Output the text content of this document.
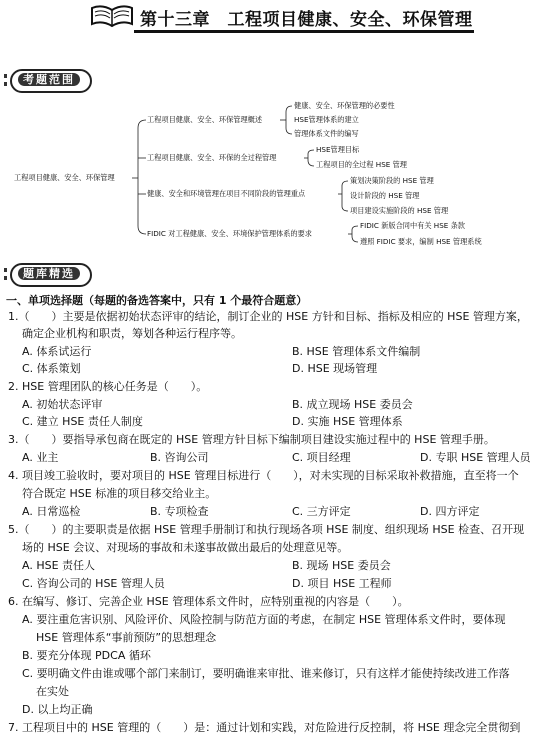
第十三章　工程项目健康、安全、环保管理
考题范围
工程项目健康、安全、环保管理
工程项目健康、安全、环保管理概述
健康、安全、环保管理的必要性
HSE管理体系的建立
管理体系文件的编写
工程项目健康、安全、环保的全过程管理
HSE管理目标
工程项目的全过程 HSE 管理
健康、安全和环境管理在项目不同阶段的管理重点
策划决策阶段的 HSE 管理
设计阶段的 HSE 管理
项目建设实施阶段的 HSE 管理
FIDIC 对工程健康、安全、环境保护管理体系的要求
FIDIC 新版合同中有关 HSE 条款
遵照 FIDIC 要求，编制 HSE 管理系统
题库精选
一、单项选择题（每题的备选答案中，只有 1 个最符合题意）
1.（　　）主要是依据初始状态评审的结论，制订企业的 HSE 方针和目标、指标及相应的 HSE 管理方案，
确定企业机构和职责，筹划各种运行程序等。
A. 体系试运行	B. HSE 管理体系文件编制
C. 体系策划	D. HSE 现场管理
2. HSE 管理团队的核心任务是（　　）。
A. 初始状态评审	B. 成立现场 HSE 委员会
C. 建立 HSE 责任人制度	D. 实施 HSE 管理体系
3.（　　）要指导承包商在既定的 HSE 管理方针目标下编制项目建设实施过程中的 HSE 管理手册。
A. 业主	B. 咨询公司	C. 项目经理	D. 专职 HSE 管理人员
4. 项目竣工验收时，要对项目的 HSE 管理目标进行（　　），对未实现的目标采取补救措施，直至将一个
符合既定 HSE 标准的项目移交给业主。
A. 日常巡检	B. 专项检查	C. 三方评定	D. 四方评定
5.（　　）的主要职责是依据 HSE 管理手册制订和执行现场各项 HSE 制度、组织现场 HSE 检查、召开现
场的 HSE 会议、对现场的事故和未遂事故做出最后的处理意见等。
A. HSE 责任人	B. 现场 HSE 委员会
C. 咨询公司的 HSE 管理人员	D. 项目 HSE 工程师
6. 在编写、修订、完善企业 HSE 管理体系文件时，应特别重视的内容是（　　）。
A. 要注重危害识别、风险评价、风险控制与防范方面的考虑，在制定 HSE 管理体系文件时，要体现
HSE 管理体系“事前预防”的思想理念
B. 要充分体现 PDCA 循环
C. 要明确文件由谁或哪个部门来制订，要明确谁来审批、谁来修订，只有这样才能使持续改进工作落
在实处
D. 以上均正确
7. 工程项目中的 HSE 管理的（　　）是：通过计划和实践，对危险进行反控制，将 HSE 理念完全贯彻到
